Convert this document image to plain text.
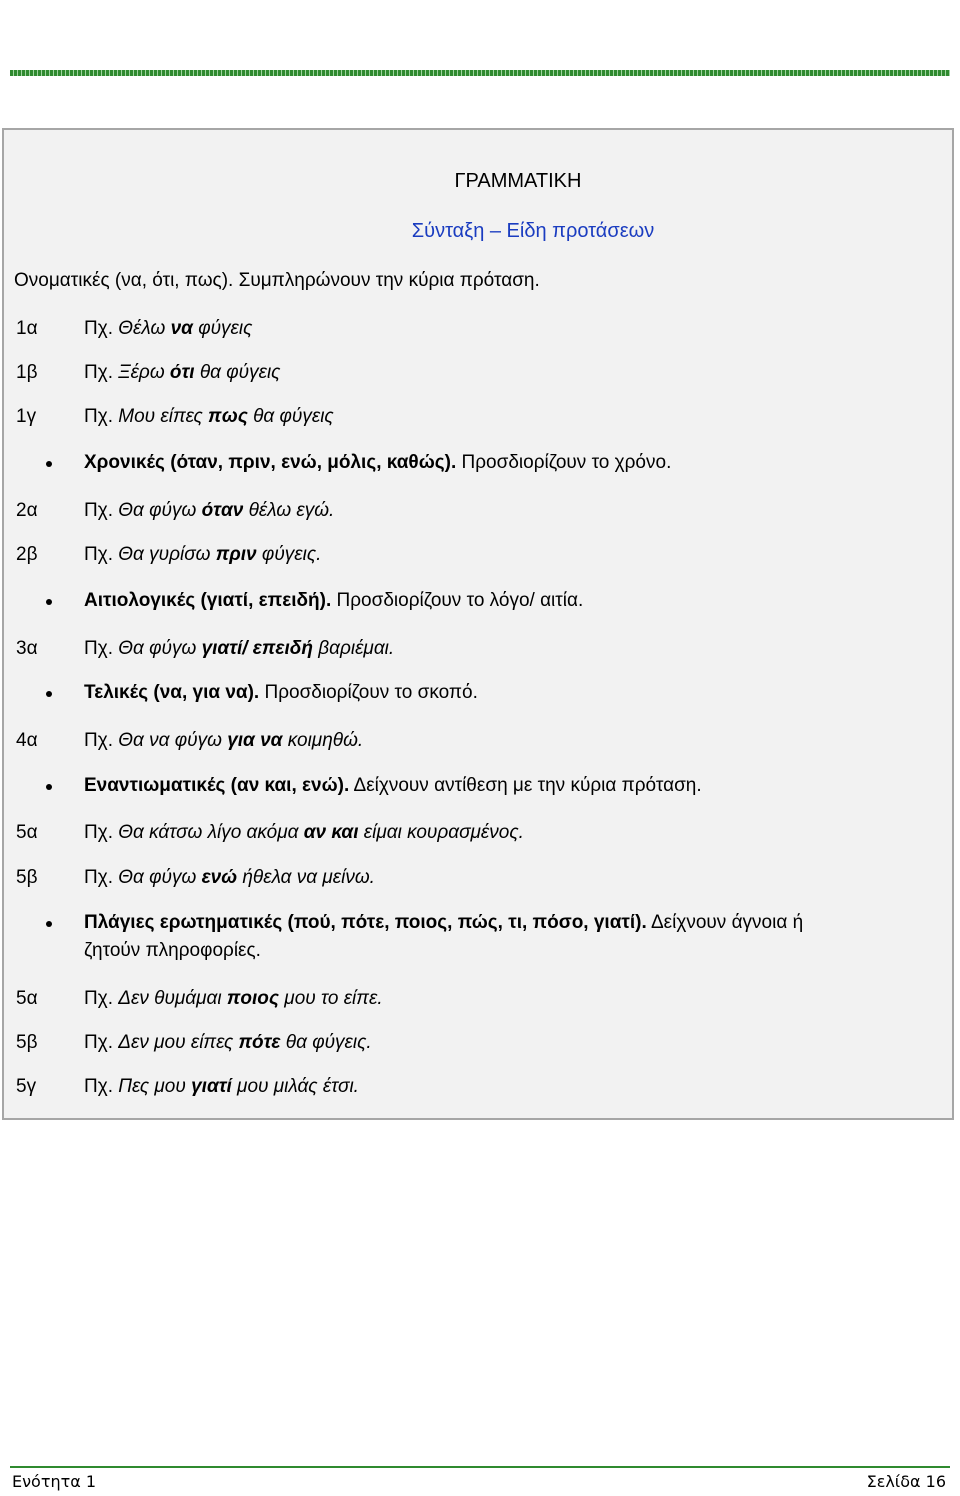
Project Nr. 511529-LLP-1-2010-1-IT-KA2-KA2MP
Agreement number 2010 – 4125/001-001
ΓΡΑΜΜΑΤΙΚΗ
Σύνταξη – Είδη προτάσεων
Ονοματικές (να, ότι, πως). Συμπληρώνουν την κύρια πρόταση.
1α Πχ. Θέλω να φύγεις
1β Πχ. Ξέρω ότι θα φύγεις
1γ	Πχ. Μου είπες πως θα φύγεις
Χρονικές (όταν, πριν, ενώ, μόλις, καθώς). Προσδιορίζουν το χρόνο.
2α Πχ. Θα φύγω όταν θέλω εγώ.
2β Πχ. Θα γυρίσω πριν φύγεις.
Αιτιολογικές (γιατί, επειδή). Προσδιορίζουν το λόγο/ αιτία.
3α Πχ. Θα φύγω γιατί/ επειδή βαριέμαι.
Τελικές (να, για να). Προσδιορίζουν το σκοπό.
4α Πχ. Θα να φύγω για να κοιμηθώ.
Εναντιωματικές (αν και, ενώ). Δείχνουν αντίθεση με την κύρια πρόταση.
5α Πχ. Θα κάτσω λίγο ακόμα αν και είμαι κουρασμένος.
5β Πχ. Θα φύγω ενώ ήθελα να μείνω.
Πλάγιες ερωτηματικές (πού, πότε, ποιος, πώς, τι, πόσο, γιατί). Δείχνουν άγνοια ή
ζητούν πληροφορίες.
5α Πχ. Δεν θυμάμαι ποιος μου το είπε.
5β Πχ. Δεν μου είπες πότε θα φύγεις.
5γ	Πχ. Πες μου γιατί μου μιλάς έτσι.
Ενότητα 1	Σελίδα 16
